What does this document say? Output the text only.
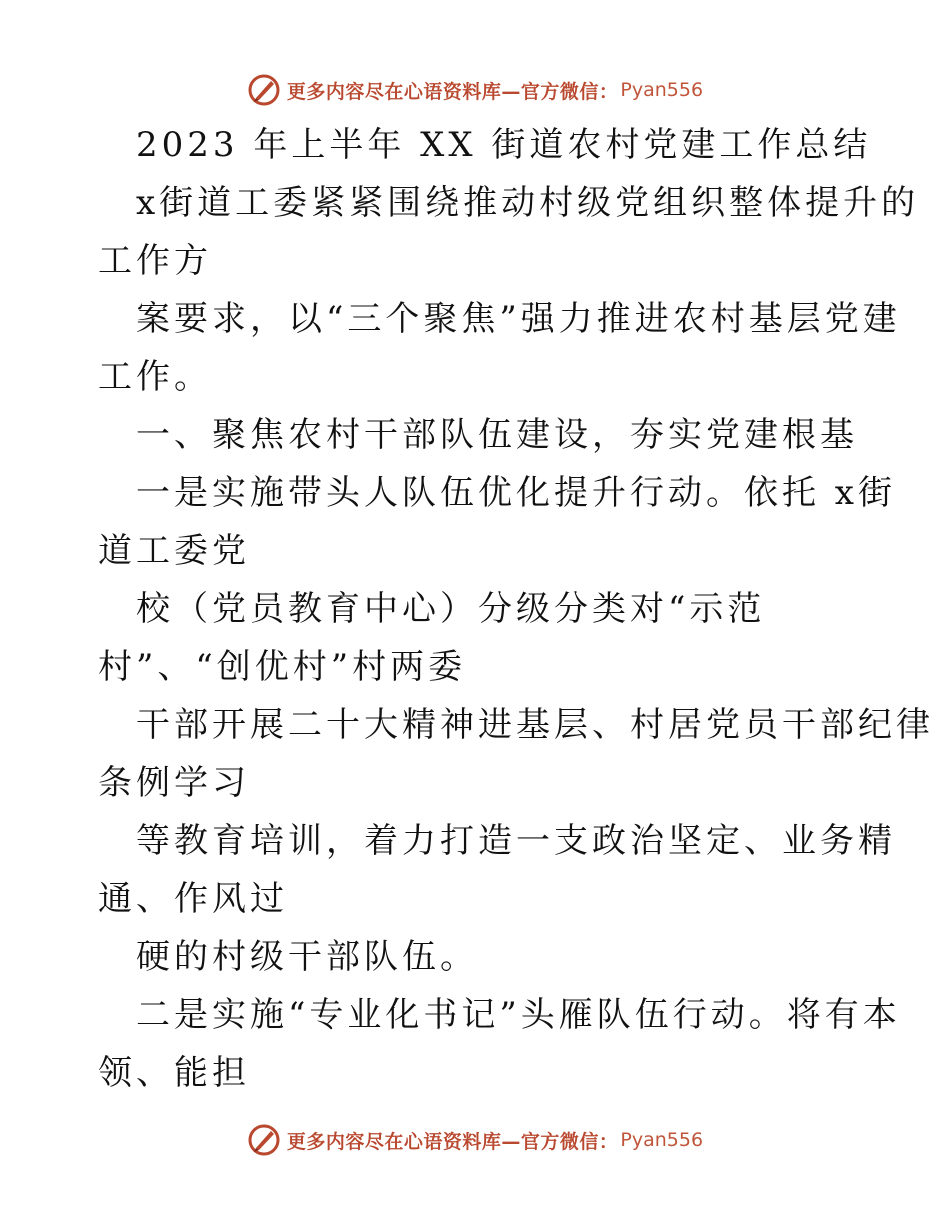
更多内容尽在心语资料库—官方微信： Pyan556
2023 年上半年 XX 街道农村党建工作总结
x街道工委紧紧围绕推动村级党组织整体提升的
工作方
案要求，以“三个聚焦”强力推进农村基层党建
工作。
一、聚焦农村干部队伍建设，夯实党建根基
一是实施带头人队伍优化提升行动。依托 x街
道工委党
校（党员教育中心）分级分类对“示范
村”、“创优村”村两委
干部开展二十大精神进基层、村居党员干部纪律
条例学习
等教育培训，着力打造一支政治坚定、业务精
通、作风过
硬的村级干部队伍。
二是实施“专业化书记”头雁队伍行动。将有本
领、能担
更多内容尽在心语资料库—官方微信： Pyan556
